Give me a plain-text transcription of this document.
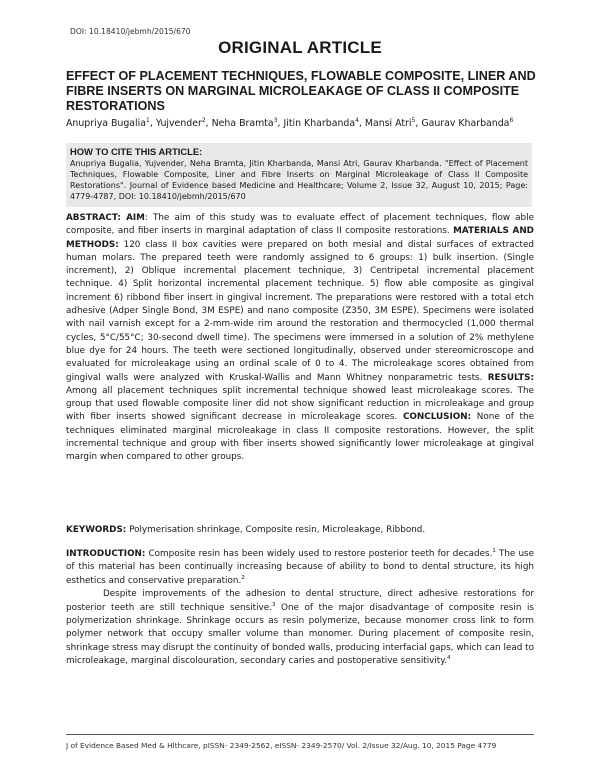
DOI: 10.18410/jebmh/2015/670
ORIGINAL ARTICLE
EFFECT OF PLACEMENT TECHNIQUES, FLOWABLE COMPOSITE, LINER AND FIBRE INSERTS ON MARGINAL MICROLEAKAGE OF CLASS II COMPOSITE RESTORATIONS
Anupriya Bugalia$^1$, Yujvender$^2$, Neha Bramta$^3$, Jitin Kharbanda$^4$, Mansi Atri$^5$, Gaurav Kharbanda$^6$
HOW TO CITE THIS ARTICLE:
Anupriya Bugalia, Yujvender, Neha Bramta, Jitin Kharbanda, Mansi Atri, Gaurav Kharbanda. "Effect of Placement Techniques, Flowable Composite, Liner and Fibre Inserts on Marginal Microleakage of Class II Composite Restorations". Journal of Evidence based Medicine and Healthcare; Volume 2, Issue 32, August 10, 2015; Page: 4779-4787, DOI: 10.18410/jebmh/2015/670
ABSTRACT: AIM: The aim of this study was to evaluate effect of placement techniques, flow able composite, and fiber inserts in marginal adaptation of class II composite restorations. MATERIALS AND METHODS: 120 class II box cavities were prepared on both mesial and distal surfaces of extracted human molars. The prepared teeth were randomly assigned to 6 groups: 1) bulk insertion. (Single increment), 2) Oblique incremental placement technique, 3) Centripetal incremental placement technique. 4) Split horizontal incremental placement technique. 5) flow able composite as gingival increment 6) ribbond fiber insert in gingival increment. The preparations were restored with a total etch adhesive (Adper Single Bond, 3M ESPE) and nano composite (Z350, 3M ESPE). Specimens were isolated with nail varnish except for a 2-mm-wide rim around the restoration and thermocycled (1,000 thermal cycles, 5°C/55°C; 30-second dwell time). The specimens were immersed in a solution of 2% methylene blue dye for 24 hours. The teeth were sectioned longitudinally, observed under stereomicroscope and evaluated for microleakage using an ordinal scale of 0 to 4. The microleakage scores obtained from gingival walls were analyzed with Kruskal-Wallis and Mann Whitney nonparametric tests. RESULTS: Among all placement techniques split incremental technique showed least microleakage scores. The group that used flowable composite liner did not show significant reduction in microleakage and group with fiber inserts showed significant decrease in microleakage scores. CONCLUSION: None of the techniques eliminated marginal microleakage in class II composite restorations. However, the split incremental technique and group with fiber inserts showed significantly lower microleakage at gingival margin when compared to other groups.
KEYWORDS: Polymerisation shrinkage, Composite resin, Microleakage, Ribbond.

INTRODUCTION: Composite resin has been widely used to restore posterior teeth for decades.$^1$ The use of this material has been continually increasing because of ability to bond to dental structure, its high esthetics and conservative preparation.$^2$

Despite improvements of the adhesion to dental structure, direct adhesive restorations for posterior teeth are still technique sensitive.$^3$ One of the major disadvantage of composite resin is polymerization shrinkage. Shrinkage occurs as resin polymerize, because monomer cross link to form polymer network that occupy smaller volume than monomer. During placement of composite resin, shrinkage stress may disrupt the continuity of bonded walls, producing interfacial gaps, which can lead to microleakage, marginal discolouration, secondary caries and postoperative sensitivity.$^4$

J of Evidence Based Med & Hlthcare, pISSN- 2349-2562, eISSN- 2349-2570/ Vol. 2/Issue 32/Aug. 10, 2015 Page 4779
